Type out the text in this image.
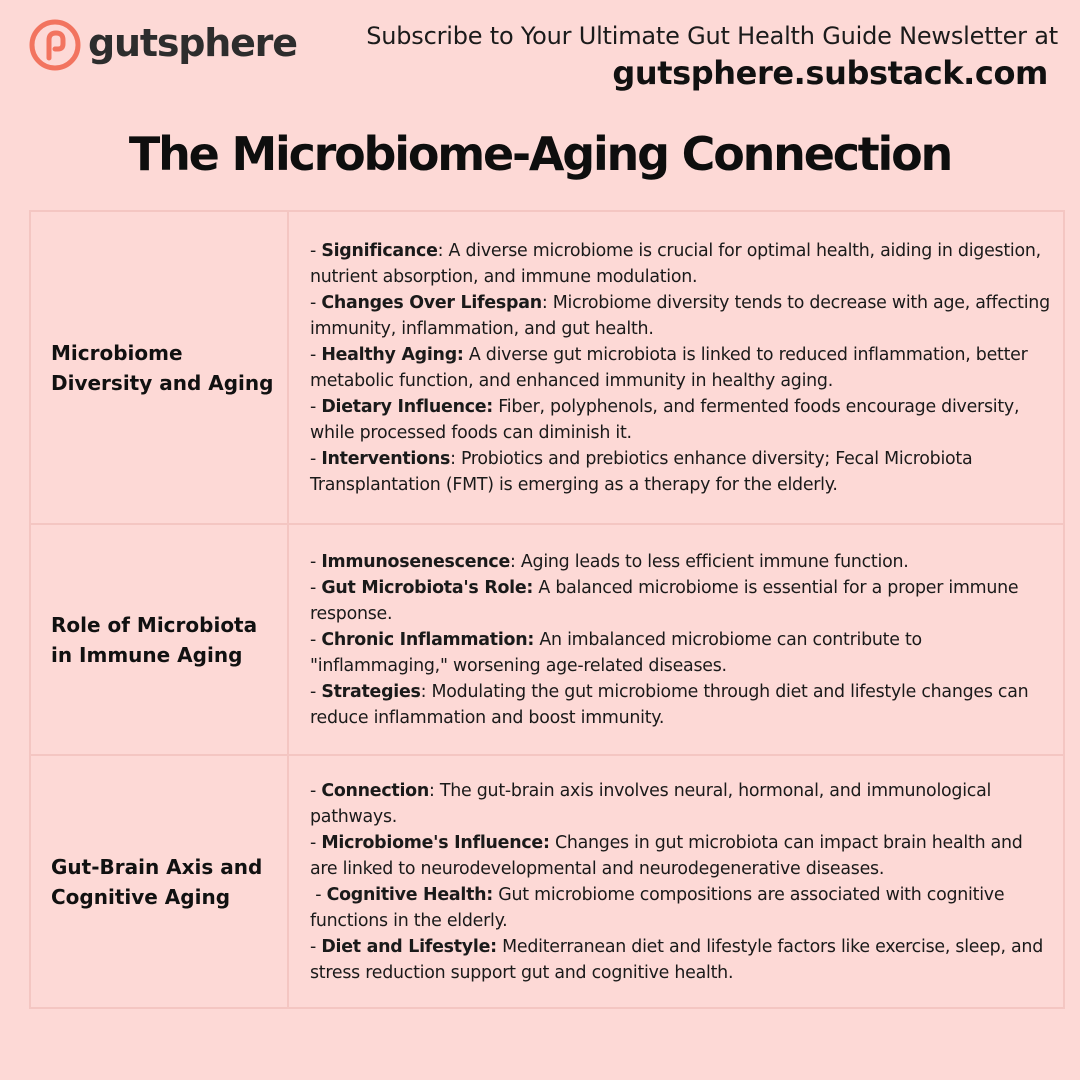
gutsphere	Subscribe to Your Ultimate Gut Health Guide Newsletter at
gutsphere.substack.com
The Microbiome-Aging Connection
Microbiome
Diversity and Aging
- Significance: A diverse microbiome is crucial for optimal health, aiding in digestion, nutrient absorption, and immune modulation.
- Changes Over Lifespan: Microbiome diversity tends to decrease with age, affecting immunity, inflammation, and gut health.
- Healthy Aging: A diverse gut microbiota is linked to reduced inflammation, better metabolic function, and enhanced immunity in healthy aging.
- Dietary Influence: Fiber, polyphenols, and fermented foods encourage diversity, while processed foods can diminish it.
- Interventions: Probiotics and prebiotics enhance diversity; Fecal Microbiota Transplantation (FMT) is emerging as a therapy for the elderly.
Role of Microbiota
in Immune Aging
- Immunosenescence: Aging leads to less efficient immune function.
- Gut Microbiota's Role: A balanced microbiome is essential for a proper immune response.
- Chronic Inflammation: An imbalanced microbiome can contribute to "inflammaging," worsening age-related diseases.
- Strategies: Modulating the gut microbiome through diet and lifestyle changes can reduce inflammation and boost immunity.
Gut-Brain Axis and
Cognitive Aging
- Connection: The gut-brain axis involves neural, hormonal, and immunological pathways.
- Microbiome's Influence: Changes in gut microbiota can impact brain health and are linked to neurodevelopmental and neurodegenerative diseases.
- Cognitive Health: Gut microbiome compositions are associated with cognitive functions in the elderly.
- Diet and Lifestyle: Mediterranean diet and lifestyle factors like exercise, sleep, and stress reduction support gut and cognitive health.
